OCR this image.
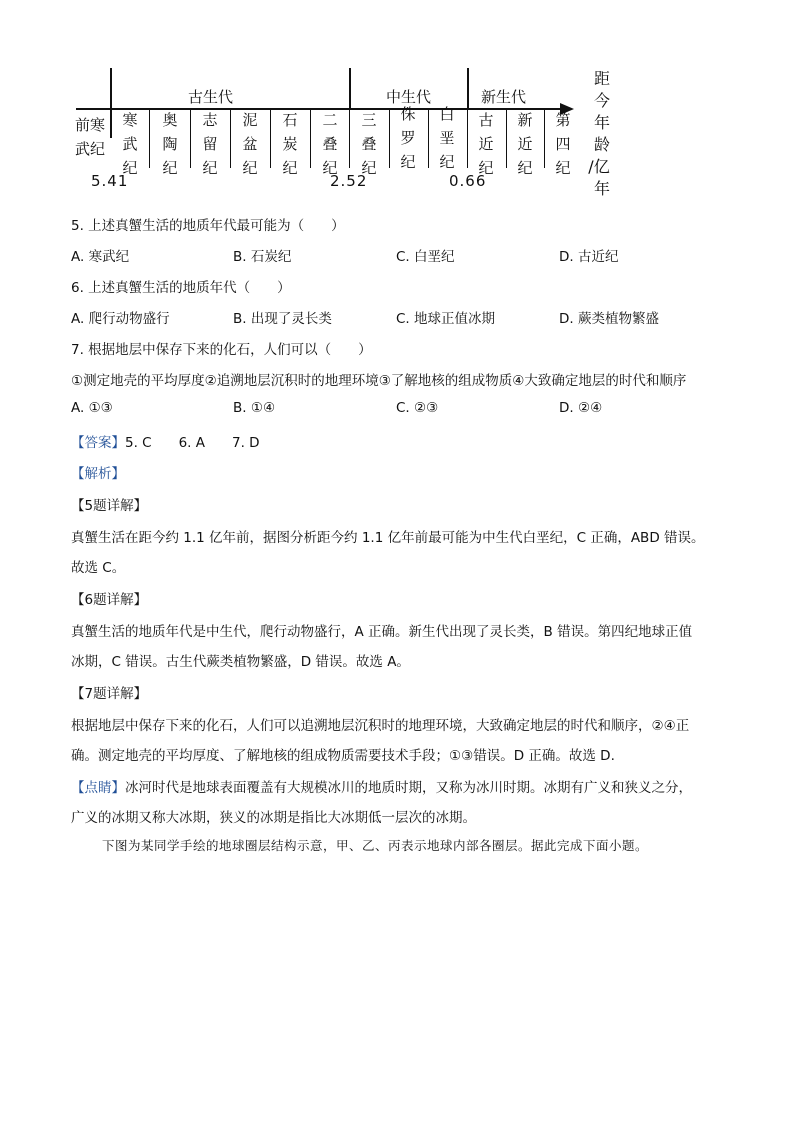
古生代	中生代	新生代
前寒
武纪
寒
武
纪
奥
陶
纪
志
留
纪
泥
盆
纪
石
炭
纪
二
叠
纪
三
叠
纪
侏
罗
纪
白
垩
纪
古
近
纪
新
近
纪
第
四
纪
5.41	2.52	0.66
距
今
年
龄
/亿
年
5. 上述真蟹生活的地质年代最可能为（　　）
A. 寒武纪	B. 石炭纪	C. 白垩纪	D. 古近纪
6. 上述真蟹生活的地质年代（　　）
A. 爬行动物盛行	B. 出现了灵长类	C. 地球正值冰期	D. 蕨类植物繁盛
7. 根据地层中保存下来的化石，人们可以（　　）
①测定地壳的平均厚度②追溯地层沉积时的地理环境③了解地核的组成物质④大致确定地层的时代和顺序
A. ①③	B. ①④	C. ②③	D. ②④
【答案】5. C　　6. A　　7. D
【解析】
【5题详解】
真蟹生活在距今约 1.1 亿年前，据图分析距今约 1.1 亿年前最可能为中生代白垩纪，C 正确，ABD 错误。
故选 C。
【6题详解】
真蟹生活的地质年代是中生代，爬行动物盛行，A 正确。新生代出现了灵长类，B 错误。第四纪地球正值
冰期，C 错误。古生代蕨类植物繁盛，D 错误。故选 A。
【7题详解】
根据地层中保存下来的化石，人们可以追溯地层沉积时的地理环境，大致确定地层的时代和顺序，②④正
确。测定地壳的平均厚度、了解地核的组成物质需要技术手段；①③错误。D 正确。故选 D.
【点睛】冰河时代是地球表面覆盖有大规模冰川的地质时期，又称为冰川时期。冰期有广义和狭义之分，
广义的冰期又称大冰期，狭义的冰期是指比大冰期低一层次的冰期。
下图为某同学手绘的地球圈层结构示意，甲、乙、丙表示地球内部各圈层。据此完成下面小题。
